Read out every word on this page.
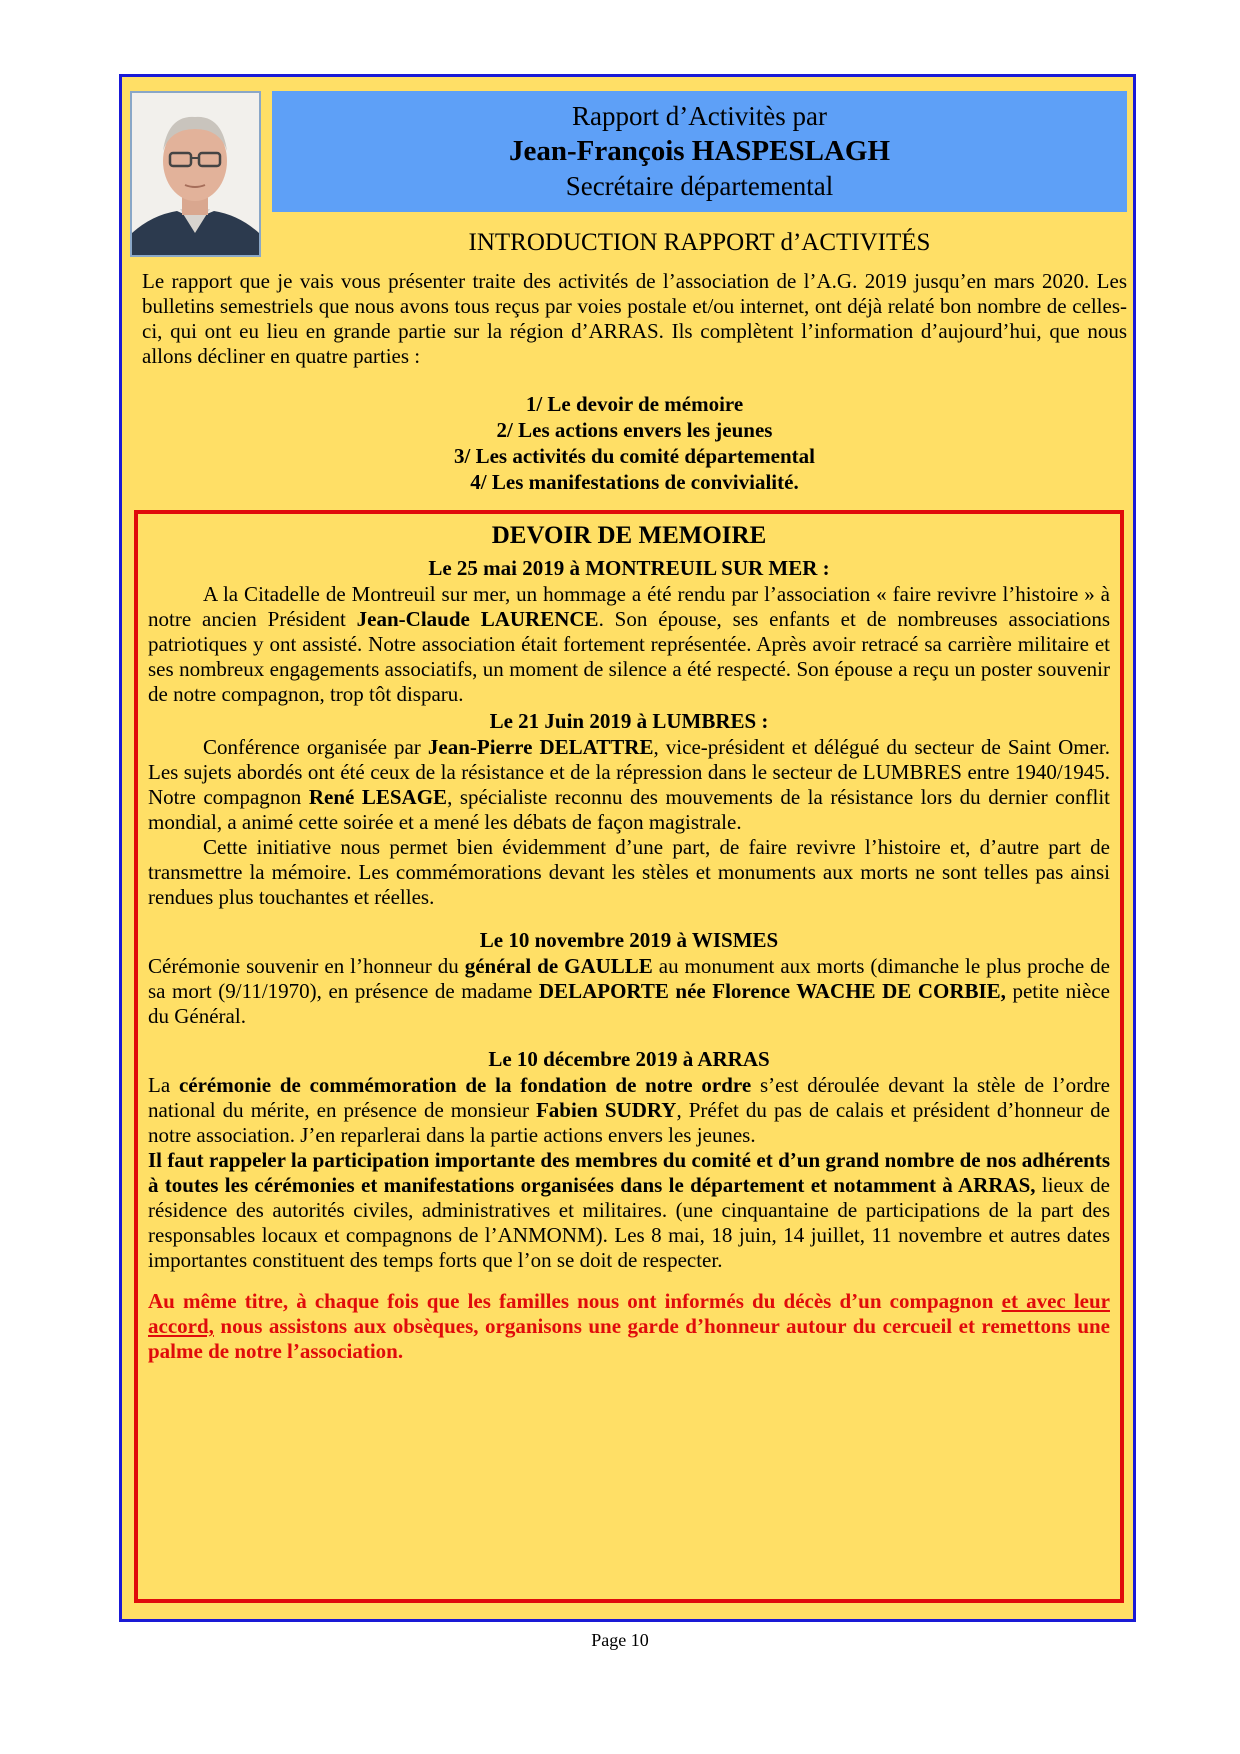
Rapport d’Activitès par
Jean-François HASPESLAGH
Secrétaire départemental
INTRODUCTION RAPPORT d’ACTIVITÉS

Le rapport que je vais vous présenter traite des activités de l’association de l’A.G. 2019 jusqu’en mars 2020. Les bulletins semestriels que nous avons tous reçus par voies postale et/ou internet, ont déjà relaté bon nombre de celles-ci, qui ont eu lieu en grande partie sur la région d’ARRAS. Ils complètent l’information d’aujourd’hui, que nous allons décliner en quatre parties :

1/ Le devoir de mémoire
2/ Les actions envers les jeunes
3/ Les activités du comité départemental
4/ Les manifestations de convivialité.
DEVOIR DE MEMOIRE

Le 25 mai 2019 à MONTREUIL SUR MER :

A la Citadelle de Montreuil sur mer, un hommage a été rendu par l’association « faire revivre l’histoire » à notre ancien Président Jean-Claude LAURENCE. Son épouse, ses enfants et de nombreuses associations patriotiques y ont assisté. Notre association était fortement représentée. Après avoir retracé sa carrière militaire et ses nombreux engagements associatifs, un moment de silence a été respecté. Son épouse a reçu un poster souvenir de notre compagnon, trop tôt disparu.

Le 21 Juin 2019 à LUMBRES :

Conférence organisée par Jean-Pierre DELATTRE, vice-président et délégué du secteur de Saint Omer. Les sujets abordés ont été ceux de la résistance et de la répression dans le secteur de LUMBRES entre 1940/1945. Notre compagnon René LESAGE, spécialiste reconnu des mouvements de la résistance lors du dernier conflit mondial, a animé cette soirée et a mené les débats de façon magistrale.

Cette initiative nous permet bien évidemment d’une part, de faire revivre l’histoire et, d’autre part de transmettre la mémoire. Les commémorations devant les stèles et monuments aux morts ne sont telles pas ainsi rendues plus touchantes et réelles.

Le 10 novembre 2019 à WISMES

Cérémonie souvenir en l’honneur du général de GAULLE au monument aux morts (dimanche le plus proche de sa mort (9/11/1970), en présence de madame DELAPORTE née Florence WACHE DE CORBIE, petite nièce du Général.

Le 10 décembre 2019 à ARRAS

La cérémonie de commémoration de la fondation de notre ordre s’est déroulée devant la stèle de l’ordre national du mérite, en présence de monsieur Fabien SUDRY, Préfet du pas de calais et président d’honneur de notre association. J’en reparlerai dans la partie actions envers les jeunes.

Il faut rappeler la participation importante des membres du comité et d’un grand nombre de nos adhérents à toutes les cérémonies et manifestations organisées dans le département et notamment à ARRAS, lieux de résidence des autorités civiles, administratives et militaires. (une cinquantaine de participations de la part des responsables locaux et compagnons de l’ANMONM). Les 8 mai, 18 juin, 14 juillet, 11 novembre et autres dates importantes constituent des temps forts que l’on se doit de respecter.

Au même titre, à chaque fois que les familles nous ont informés du décès d’un compagnon et avec leur accord, nous assistons aux obsèques, organisons une garde d’honneur autour du cercueil et remettons une palme de notre l’association.

Page 10
